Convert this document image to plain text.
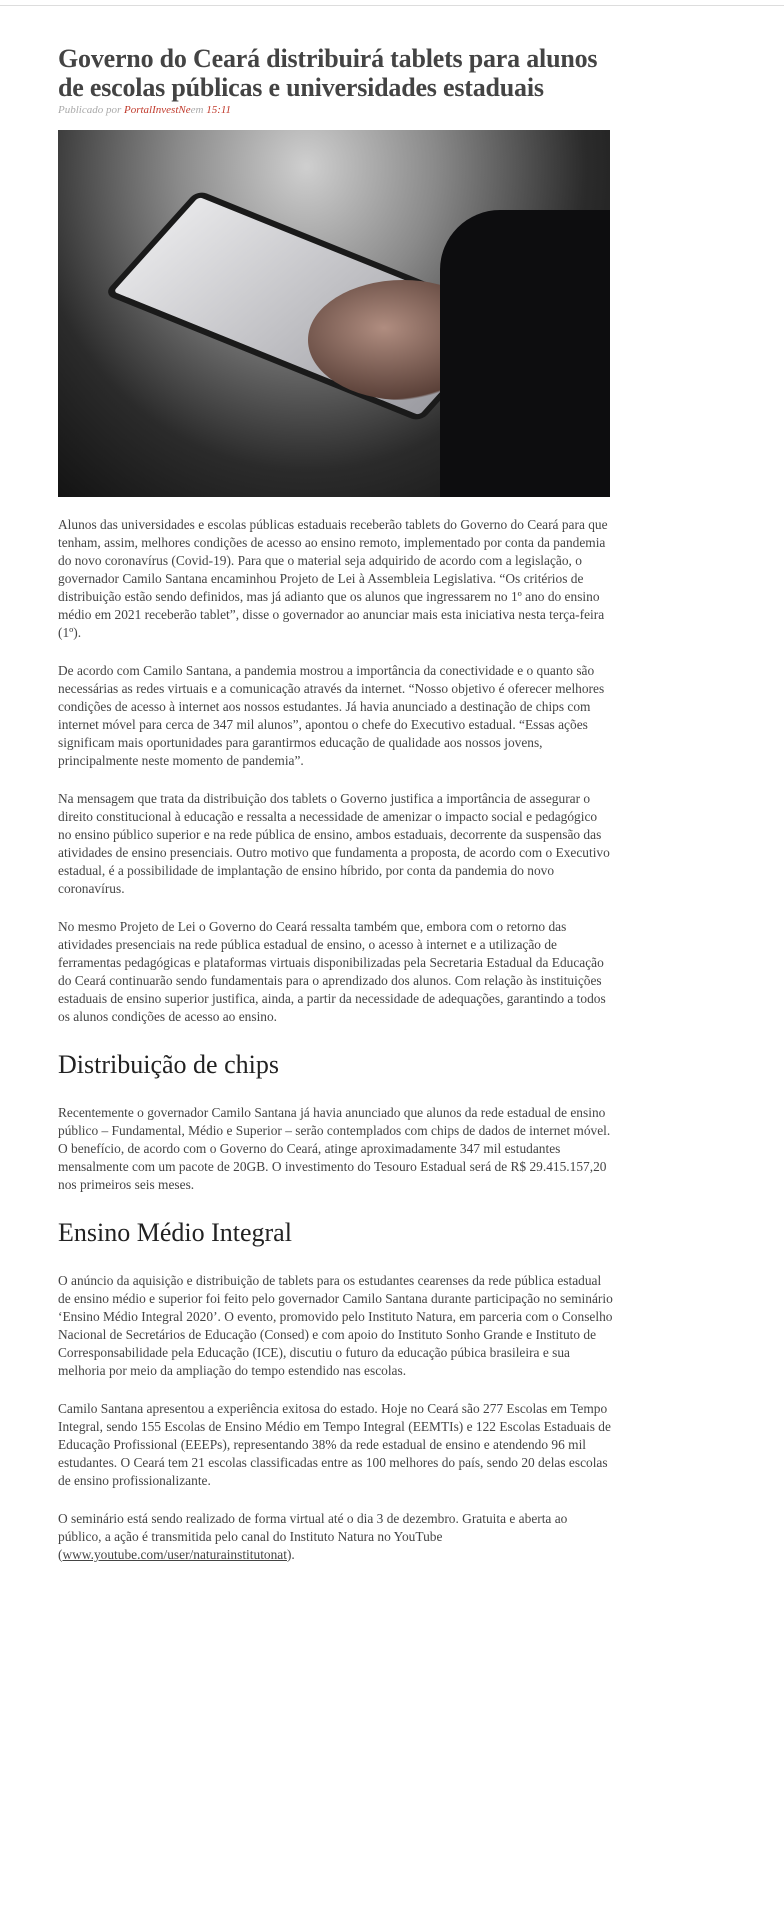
Governo do Ceará distribuirá tablets para alunos de escolas públicas e universidades estaduais
Publicado por PortalInvestNeem 15:11

Alunos das universidades e escolas públicas estaduais receberão tablets do Governo do Ceará para que tenham, assim, melhores condições de acesso ao ensino remoto, implementado por conta da pandemia do novo coronavírus (Covid-19). Para que o material seja adquirido de acordo com a legislação, o governador Camilo Santana encaminhou Projeto de Lei à Assembleia Legislativa. “Os critérios de distribuição estão sendo definidos, mas já adianto que os alunos que ingressarem no 1º ano do ensino médio em 2021 receberão tablet”, disse o governador ao anunciar mais esta iniciativa nesta terça-feira (1º).

De acordo com Camilo Santana, a pandemia mostrou a importância da conectividade e o quanto são necessárias as redes virtuais e a comunicação através da internet. “Nosso objetivo é oferecer melhores condições de acesso à internet aos nossos estudantes. Já havia anunciado a destinação de chips com internet móvel para cerca de 347 mil alunos”, apontou o chefe do Executivo estadual. “Essas ações significam mais oportunidades para garantirmos educação de qualidade aos nossos jovens, principalmente neste momento de pandemia”.

Na mensagem que trata da distribuição dos tablets o Governo justifica a importância de assegurar o direito constitucional à educação e ressalta a necessidade de amenizar o impacto social e pedagógico no ensino público superior e na rede pública de ensino, ambos estaduais, decorrente da suspensão das atividades de ensino presenciais. Outro motivo que fundamenta a proposta, de acordo com o Executivo estadual, é a possibilidade de implantação de ensino híbrido, por conta da pandemia do novo coronavírus.

No mesmo Projeto de Lei o Governo do Ceará ressalta também que, embora com o retorno das atividades presenciais na rede pública estadual de ensino, o acesso à internet e a utilização de ferramentas pedagógicas e plataformas virtuais disponibilizadas pela Secretaria Estadual da Educação do Ceará continuarão sendo fundamentais para o aprendizado dos alunos. Com relação às instituições estaduais de ensino superior justifica, ainda, a partir da necessidade de adequações, garantindo a todos os alunos condições de acesso ao ensino.

Distribuição de chips

Recentemente o governador Camilo Santana já havia anunciado que alunos da rede estadual de ensino público – Fundamental, Médio e Superior – serão contemplados com chips de dados de internet móvel. O benefício, de acordo com o Governo do Ceará, atinge aproximadamente 347 mil estudantes mensalmente com um pacote de 20GB. O investimento do Tesouro Estadual será de R$ 29.415.157,20 nos primeiros seis meses.

Ensino Médio Integral

O anúncio da aquisição e distribuição de tablets para os estudantes cearenses da rede pública estadual de ensino médio e superior foi feito pelo governador Camilo Santana durante participação no seminário ‘Ensino Médio Integral 2020’. O evento, promovido pelo Instituto Natura, em parceria com o Conselho Nacional de Secretários de Educação (Consed) e com apoio do Instituto Sonho Grande e Instituto de Corresponsabilidade pela Educação (ICE), discutiu o futuro da educação púbica brasileira e sua melhoria por meio da ampliação do tempo estendido nas escolas.

Camilo Santana apresentou a experiência exitosa do estado. Hoje no Ceará são 277 Escolas em Tempo Integral, sendo 155 Escolas de Ensino Médio em Tempo Integral (EEMTIs) e 122 Escolas Estaduais de Educação Profissional (EEEPs), representando 38% da rede estadual de ensino e atendendo 96 mil estudantes. O Ceará tem 21 escolas classificadas entre as 100 melhores do país, sendo 20 delas escolas de ensino profissionalizante.

O seminário está sendo realizado de forma virtual até o dia 3 de dezembro. Gratuita e aberta ao público, a ação é transmitida pelo canal do Instituto Natura no YouTube (www.youtube.com/user/naturainstitutonat).
